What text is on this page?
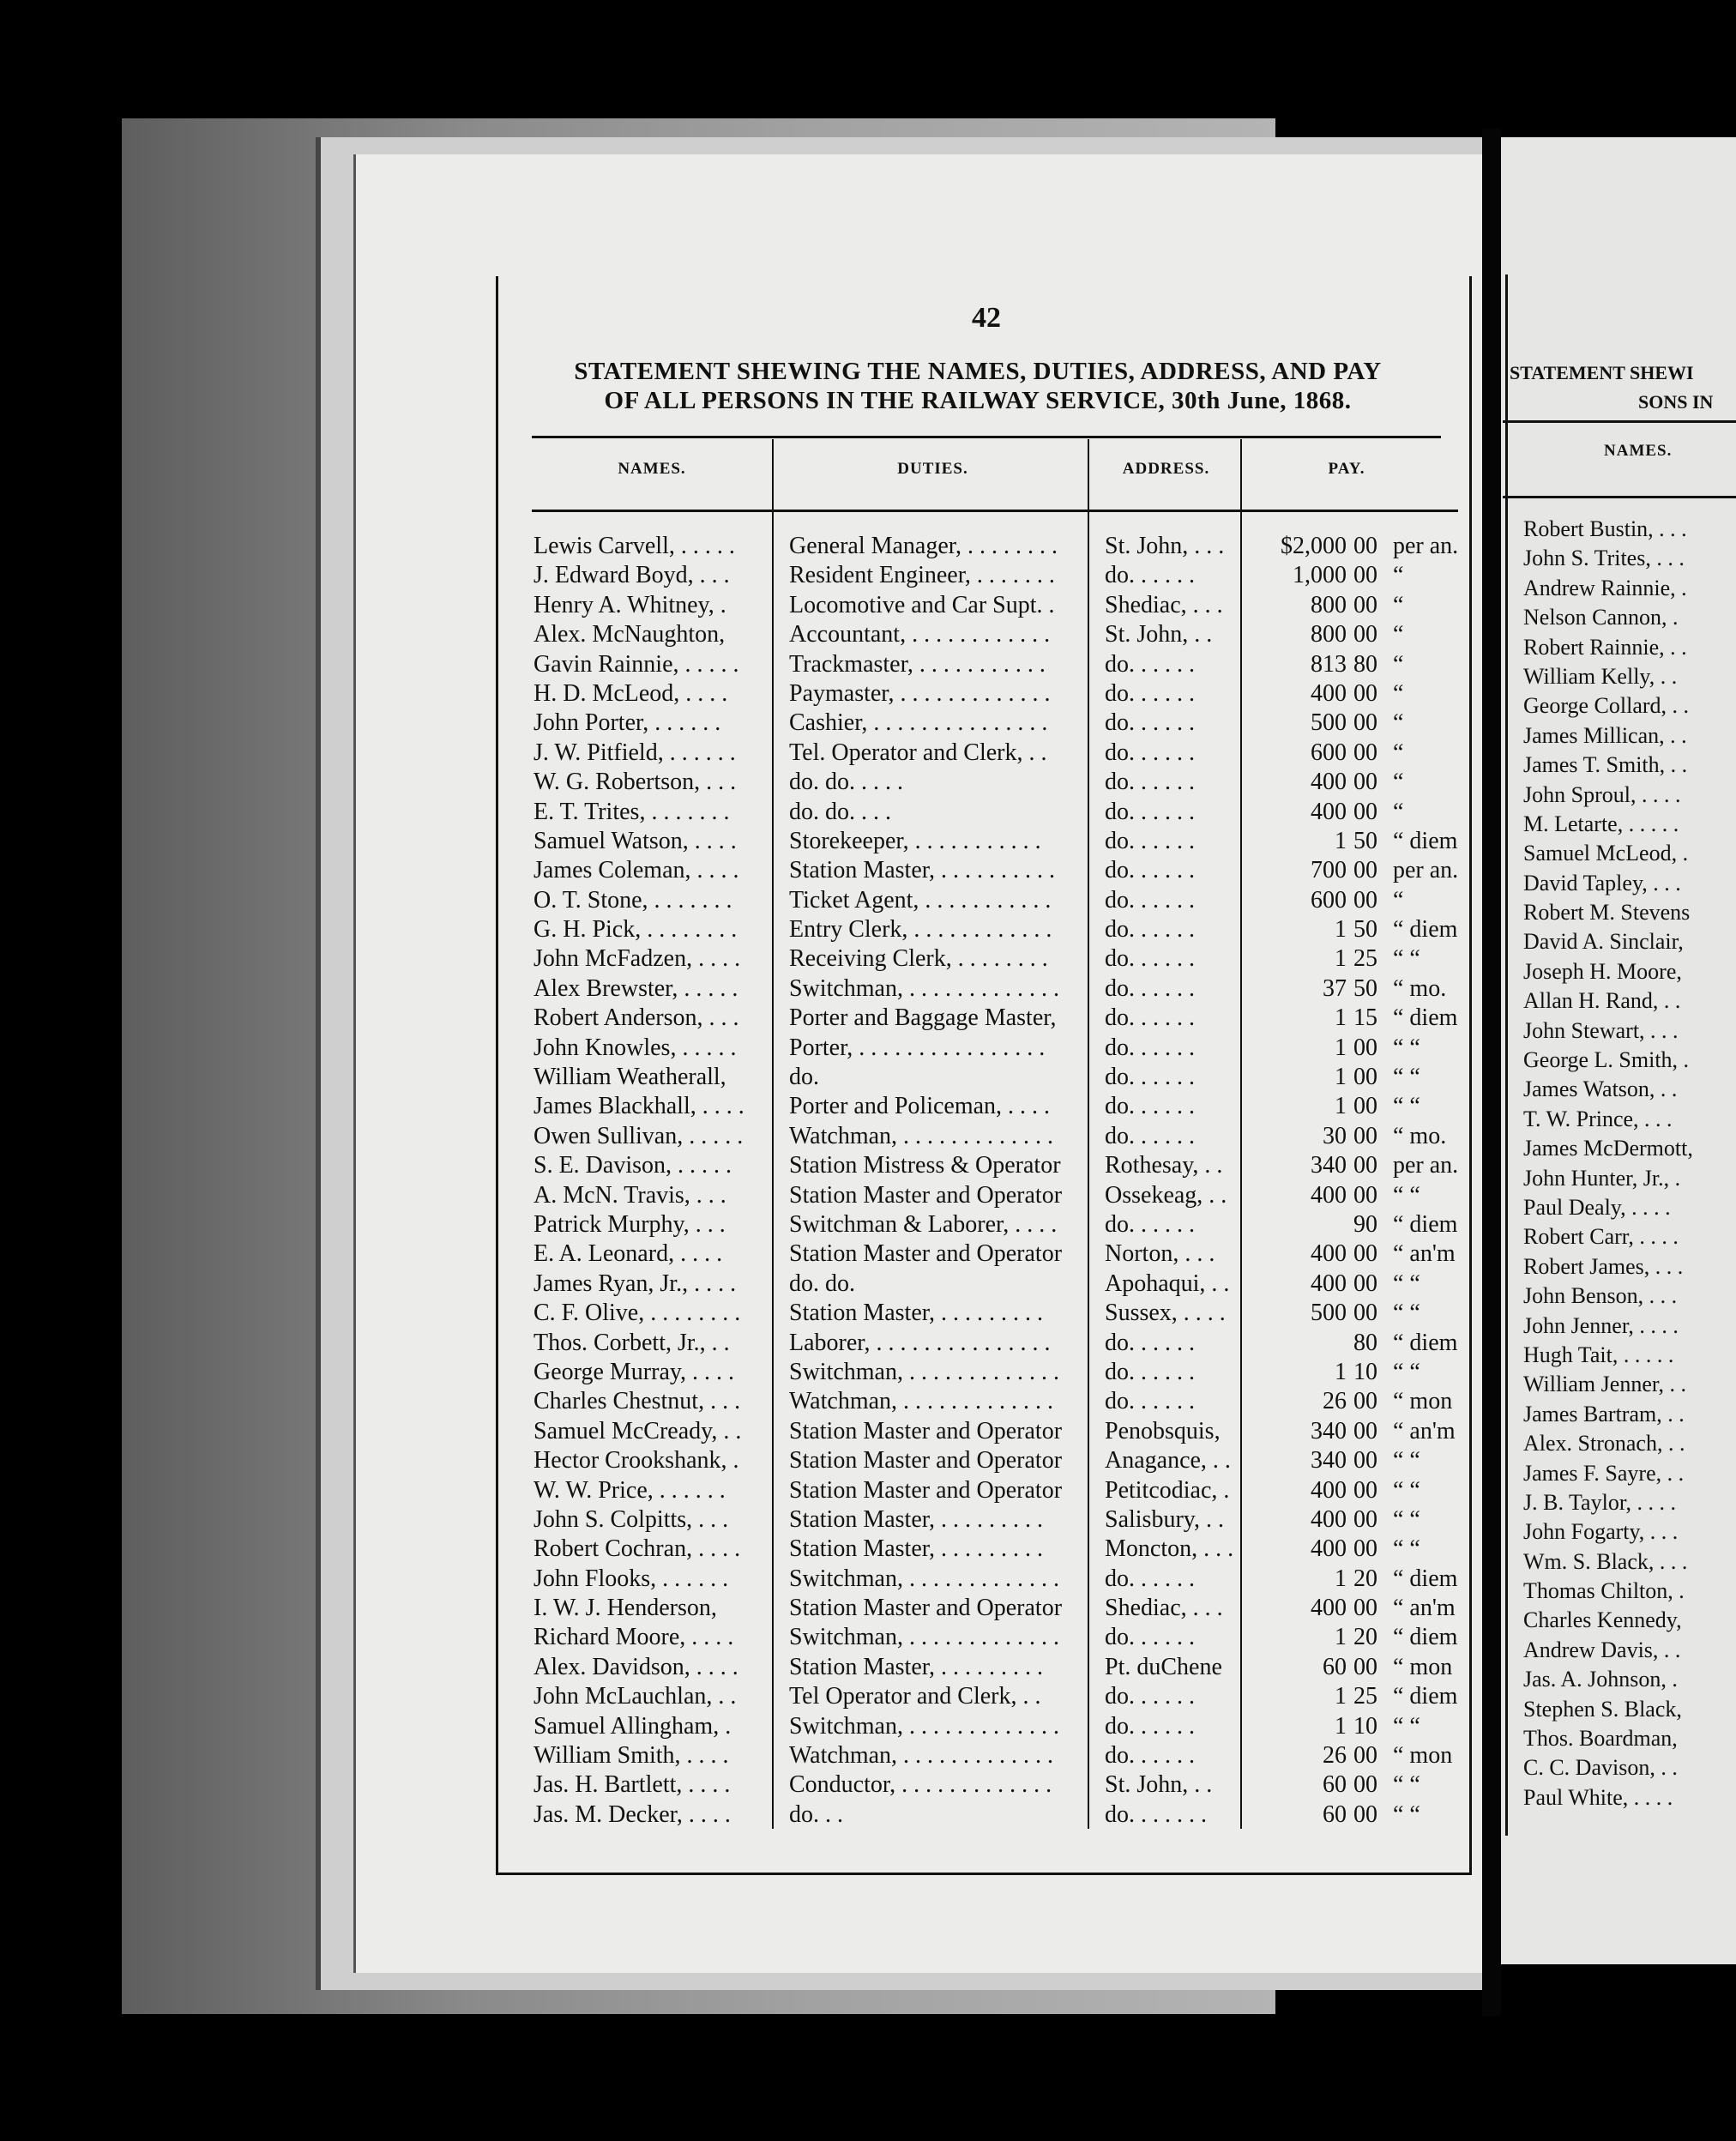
42
STATEMENT SHEWING THE NAMES, DUTIES, ADDRESS, AND PAY
OF ALL PERSONS IN THE RAILWAY SERVICE, 30th June, 1868.
NAMES.	DUTIES.	ADDRESS.	PAY.
Lewis Carvell, . . . . .	General Manager, . . . . . . . .	St. John, . . .	$2,000 00 per an.
J. Edward Boyd, . . .	Resident Engineer, . . . . . . .	do. . . . . .	1,000 00 “
Henry A. Whitney, .	Locomotive and Car Supt. .	Shediac, . . .	800 00 “
Alex. McNaughton,	Accountant, . . . . . . . . . . . .	St. John, . .	800 00 “
Gavin Rainnie, . . . . .	Trackmaster, . . . . . . . . . . .	do. . . . . .	813 80 “
H. D. McLeod, . . . .	Paymaster, . . . . . . . . . . . . .	do. . . . . .	400 00 “
John Porter, . . . . . .	Cashier, . . . . . . . . . . . . . . .	do. . . . . .	500 00 “
J. W. Pitfield, . . . . . .	Tel. Operator and Clerk, . .	do. . . . . .	600 00 “
W. G. Robertson, . . .	do. do. . . . .	do. . . . . .	400 00 “
E. T. Trites, . . . . . . .	do. do. . . .	do. . . . . .	400 00 “
Samuel Watson, . . . .	Storekeeper, . . . . . . . . . . .	do. . . . . .	1 50 “ diem
James Coleman, . . . .	Station Master, . . . . . . . . . .	do. . . . . .	700 00 per an.
O. T. Stone, . . . . . . .	Ticket Agent, . . . . . . . . . . .	do. . . . . .	600 00 “
G. H. Pick, . . . . . . . .	Entry Clerk, . . . . . . . . . . . .	do. . . . . .	1 50 “ diem
John McFadzen, . . . .	Receiving Clerk, . . . . . . . .	do. . . . . .	1 25 “ “
Alex Brewster, . . . . .	Switchman, . . . . . . . . . . . . .	do. . . . . .	37 50 “ mo.
Robert Anderson, . . .	Porter and Baggage Master,	do. . . . . .	1 15 “ diem
John Knowles, . . . . .	Porter, . . . . . . . . . . . . . . . .	do. . . . . .	1 00 “ “
William Weatherall,	do.	do. . . . . .	1 00 “ “
James Blackhall, . . . .	Porter and Policeman, . . . .	do. . . . . .	1 00 “ “
Owen Sullivan, . . . . .	Watchman, . . . . . . . . . . . . .	do. . . . . .	30 00 “ mo.
S. E. Davison, . . . . .	Station Mistress & Operator	Rothesay, . .	340 00 per an.
A. McN. Travis, . . .	Station Master and Operator	Ossekeag, . .	400 00 “ “
Patrick Murphy, . . .	Switchman & Laborer, . . . .	do. . . . . .	90 “ diem
E. A. Leonard, . . . .	Station Master and Operator	Norton, . . .	400 00 “ an'm
James Ryan, Jr., . . . .	do. do.	Apohaqui, . .	400 00 “ “
C. F. Olive, . . . . . . . .	Station Master, . . . . . . . . .	Sussex, . . . .	500 00 “ “
Thos. Corbett, Jr., . .	Laborer, . . . . . . . . . . . . . . .	do. . . . . .	80 “ diem
George Murray, . . . .	Switchman, . . . . . . . . . . . . .	do. . . . . .	1 10 “ “
Charles Chestnut, . . .	Watchman, . . . . . . . . . . . . .	do. . . . . .	26 00 “ mon
Samuel McCready, . .	Station Master and Operator	Penobsquis,	340 00 “ an'm
Hector Crookshank, .	Station Master and Operator	Anagance, . .	340 00 “ “
W. W. Price, . . . . . .	Station Master and Operator	Petitcodiac, .	400 00 “ “
John S. Colpitts, . . .	Station Master, . . . . . . . . .	Salisbury, . .	400 00 “ “
Robert Cochran, . . . .	Station Master, . . . . . . . . .	Moncton, . . .	400 00 “ “
John Flooks, . . . . . .	Switchman, . . . . . . . . . . . . .	do. . . . . .	1 20 “ diem
I. W. J. Henderson,	Station Master and Operator	Shediac, . . .	400 00 “ an'm
Richard Moore, . . . .	Switchman, . . . . . . . . . . . . .	do. . . . . .	1 20 “ diem
Alex. Davidson, . . . .	Station Master, . . . . . . . . .	Pt. duChene	60 00 “ mon
John McLauchlan, . .	Tel Operator and Clerk, . .	do. . . . . .	1 25 “ diem
Samuel Allingham, .	Switchman, . . . . . . . . . . . . .	do. . . . . .	1 10 “ “
William Smith, . . . .	Watchman, . . . . . . . . . . . . .	do. . . . . .	26 00 “ mon
Jas. H. Bartlett, . . . .	Conductor, . . . . . . . . . . . . .	St. John, . .	60 00 “ “
Jas. M. Decker, . . . .	do. . .	do. . . . . . .	60 00 “ “
STATEMENT SHEWI
SONS IN
NAMES.
Robert Bustin, . . .
John S. Trites, . . .
Andrew Rainnie, .
Nelson Cannon, .
Robert Rainnie, . .
William Kelly, . .
George Collard, . .
James Millican, . .
James T. Smith, . .
John Sproul, . . . .
M. Letarte, . . . . .
Samuel McLeod, .
David Tapley, . . .
Robert M. Stevens
David A. Sinclair,
Joseph H. Moore,
Allan H. Rand, . .
John Stewart, . . .
George L. Smith, .
James Watson, . .
T. W. Prince, . . .
James McDermott,
John Hunter, Jr., .
Paul Dealy, . . . .
Robert Carr, . . . .
Robert James, . . .
John Benson, . . .
John Jenner, . . . .
Hugh Tait, . . . . .
William Jenner, . .
James Bartram, . .
Alex. Stronach, . .
James F. Sayre, . .
J. B. Taylor, . . . .
John Fogarty, . . .
Wm. S. Black, . . .
Thomas Chilton, .
Charles Kennedy,
Andrew Davis, . .
Jas. A. Johnson, .
Stephen S. Black,
Thos. Boardman,
C. C. Davison, . .
Paul White, . . . .
